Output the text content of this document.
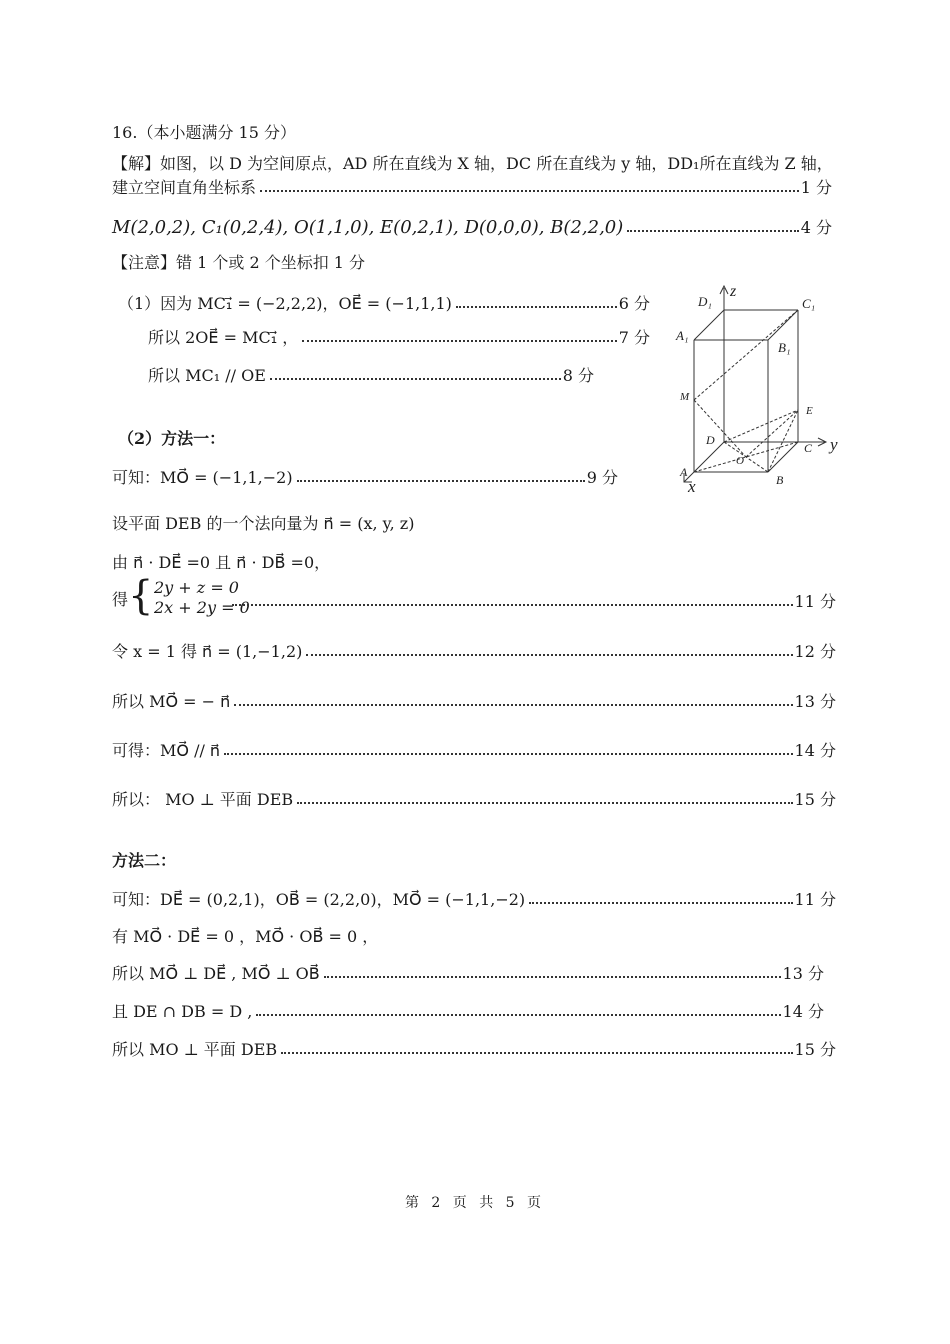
16.（本小题满分 15 分）
【解】如图，以 D 为空间原点，AD 所在直线为 X 轴，DC 所在直线为 y 轴，DD₁所在直线为 Z 轴，
建立空间直角坐标系	1 分
M(2,0,2), C₁(0,2,4), O(1,1,0), E(0,2,1), D(0,0,0), B(2,2,0)	4 分
【注意】错 1 个或 2 个坐标扣 1 分
（1）因为 MC₁⃗ = (−2,2,2)，OE⃗ = (−1,1,1)	6 分
所以 2OE⃗ = MC₁⃗ ，	7 分
所以 MC₁ // OE	8 分
（2）方法一：
可知：MO⃗ = (−1,1,−2)	9 分
设平面 DEB 的一个法向量为 n⃗ = (x, y, z)
由 n⃗ · DE⃗ =0 且 n⃗ · DB⃗ =0，
得 { 2y + z = 0
2x + 2y = 0	11 分
令 x = 1 得 n⃗ = (1,−1,2)	12 分
所以 MO⃗ = − n⃗	13 分
可得：MO⃗ // n⃗	14 分
所以： MO ⊥ 平面 DEB	15 分
方法二：
可知：DE⃗ = (0,2,1)，OB⃗ = (2,2,0)，MO⃗ = (−1,1,−2)	11 分
有 MO⃗ · DE⃗ = 0 ，MO⃗ · OB⃗ = 0 ，
所以 MO⃗ ⊥ DE⃗ , MO⃗ ⊥ OB⃗	13 分
且 DE ∩ DB = D ,	14 分
所以 MO ⊥ 平面 DEB	15 分
D₁
z
C₁
A₁
B₁
M
E
D
C y
A
O
B
x
第 2 页 共 5 页
